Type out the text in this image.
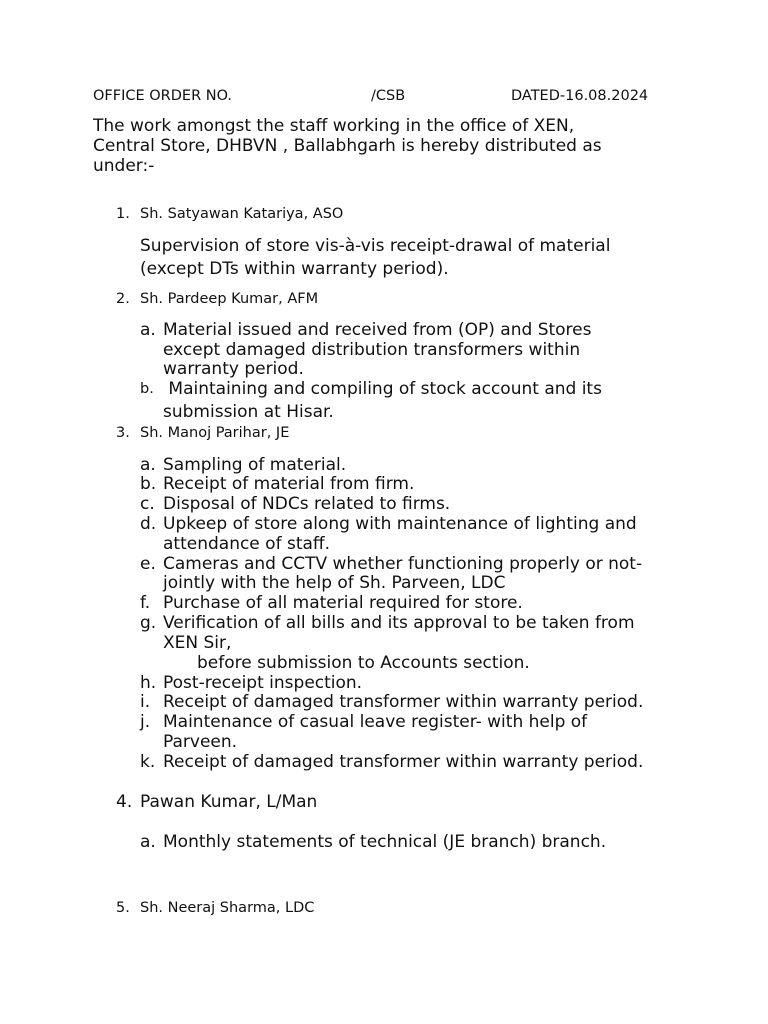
OFFICE ORDER NO.	/CSB	DATED-16.08.2024
The work amongst the staff working in the office of XEN,
Central Store, DHBVN , Ballabhgarh is hereby distributed as
under:-
1. Sh. Satyawan Katariya, ASO
Supervision of store vis-à-vis receipt-drawal of material
(except DTs within warranty period).
2. Sh. Pardeep Kumar, AFM
a. Material issued and received from (OP) and Stores
except damaged distribution transformers within
warranty period.
b. Maintaining and compiling of stock account and its
submission at Hisar.
3. Sh. Manoj Parihar, JE
a. Sampling of material.
b. Receipt of material from firm.
c. Disposal of NDCs related to firms.
d. Upkeep of store along with maintenance of lighting and
attendance of staff.
e. Cameras and CCTV whether functioning properly or not-
jointly with the help of Sh. Parveen, LDC
f. Purchase of all material required for store.
g. Verification of all bills and its approval to be taken from
XEN Sir,
before submission to Accounts section.
h. Post-receipt inspection.
i. Receipt of damaged transformer within warranty period.
j. Maintenance of casual leave register- with help of
Parveen.
k. Receipt of damaged transformer within warranty period.
4. Pawan Kumar, L/Man
a. Monthly statements of technical (JE branch) branch.
5. Sh. Neeraj Sharma, LDC
